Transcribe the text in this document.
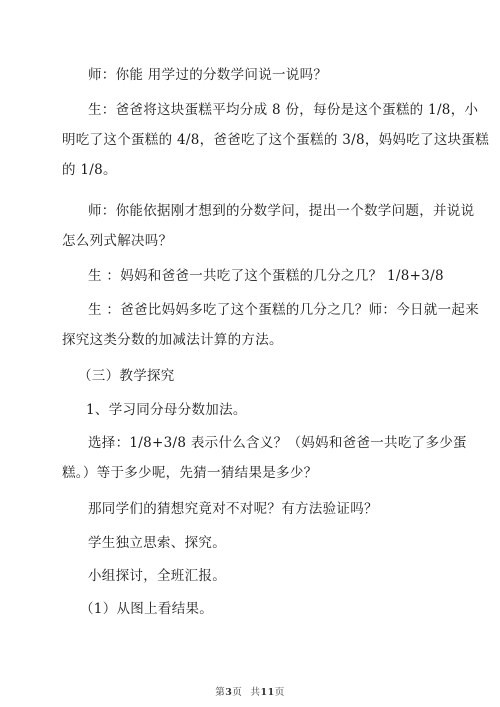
师：你能 用学过的分数学问说一说吗？

生：爸爸将这块蛋糕平均分成 8 份，每份是这个蛋糕的 1/8，小
明吃了这个蛋糕的 4/8，爸爸吃了这个蛋糕的 3/8，妈妈吃了这块蛋糕
的 1/8。

师：你能依据刚才想到的分数学问，提出一个数学问题，并说说
怎么列式解决吗？

生 ：妈妈和爸爸一共吃了这个蛋糕的几分之几？ 1/8+3/8

生 ：爸爸比妈妈多吃了这个蛋糕的几分之几？师：今日就一起来
探究这类分数的加减法计算的方法。

（三）教学探究

1、学习同分母分数加法。

选择：1/8+3/8 表示什么含义？（妈妈和爸爸一共吃了多少蛋
糕。）等于多少呢，先猜一猜结果是多少？

那同学们的猜想究竟对不对呢？有方法验证吗？

学生独立思索、探究。

小组探讨，全班汇报。

（1）从图上看结果。

第3页 共11页
